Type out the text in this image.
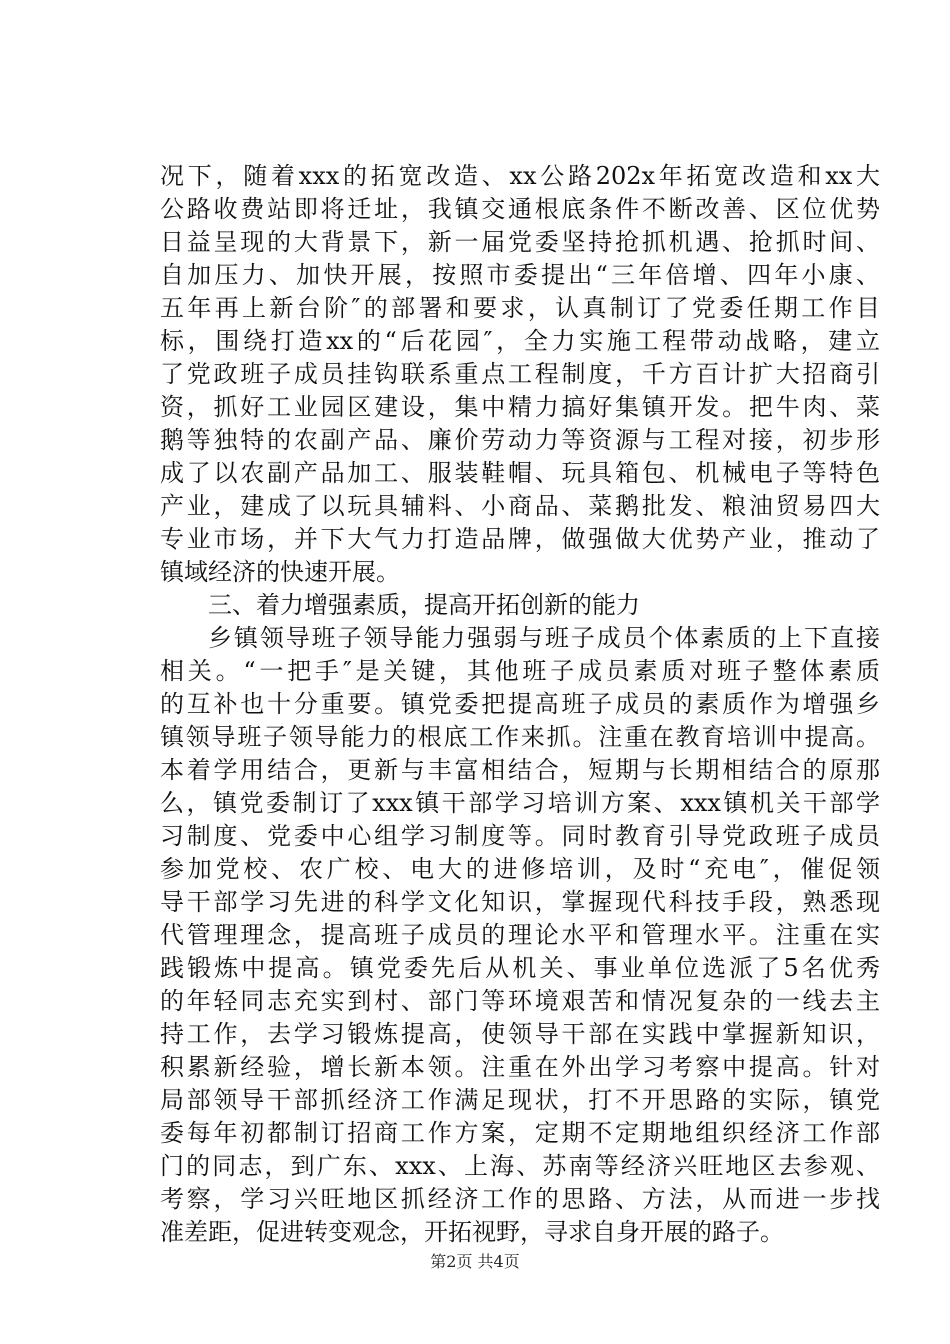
况下，随着xxx的拓宽改造、xx公路202x年拓宽改造和xx大
公路收费站即将迁址，我镇交通根底条件不断改善、区位优势
日益呈现的大背景下，新一届党委坚持抢抓机遇、抢抓时间、
自加压力、加快开展，按照市委提出“三年倍增、四年小康、
五年再上新台阶″的部署和要求，认真制订了党委任期工作目
标，围绕打造xx的“后花园″，全力实施工程带动战略，建立
了党政班子成员挂钩联系重点工程制度，千方百计扩大招商引
资，抓好工业园区建设，集中精力搞好集镇开发。把牛肉、菜
鹅等独特的农副产品、廉价劳动力等资源与工程对接，初步形
成了以农副产品加工、服装鞋帽、玩具箱包、机械电子等特色
产业，建成了以玩具辅料、小商品、菜鹅批发、粮油贸易四大
专业市场，并下大气力打造品牌，做强做大优势产业，推动了
镇域经济的快速开展。
三、着力增强素质，提高开拓创新的能力
乡镇领导班子领导能力强弱与班子成员个体素质的上下直接
相关。“一把手″是关键，其他班子成员素质对班子整体素质
的互补也十分重要。镇党委把提高班子成员的素质作为增强乡
镇领导班子领导能力的根底工作来抓。注重在教育培训中提高。
本着学用结合，更新与丰富相结合，短期与长期相结合的原那
么，镇党委制订了xxx镇干部学习培训方案、xxx镇机关干部学
习制度、党委中心组学习制度等。同时教育引导党政班子成员
参加党校、农广校、电大的进修培训，及时“充电″，催促领
导干部学习先进的科学文化知识，掌握现代科技手段，熟悉现
代管理理念，提高班子成员的理论水平和管理水平。注重在实
践锻炼中提高。镇党委先后从机关、事业单位选派了5名优秀
的年轻同志充实到村、部门等环境艰苦和情况复杂的一线去主
持工作，去学习锻炼提高，使领导干部在实践中掌握新知识，
积累新经验，增长新本领。注重在外出学习考察中提高。针对
局部领导干部抓经济工作满足现状，打不开思路的实际，镇党
委每年初都制订招商工作方案，定期不定期地组织经济工作部
门的同志，到广东、xxx、上海、苏南等经济兴旺地区去参观、
考察，学习兴旺地区抓经济工作的思路、方法，从而进一步找
准差距，促进转变观念，开拓视野，寻求自身开展的路子。
第2页 共4页
